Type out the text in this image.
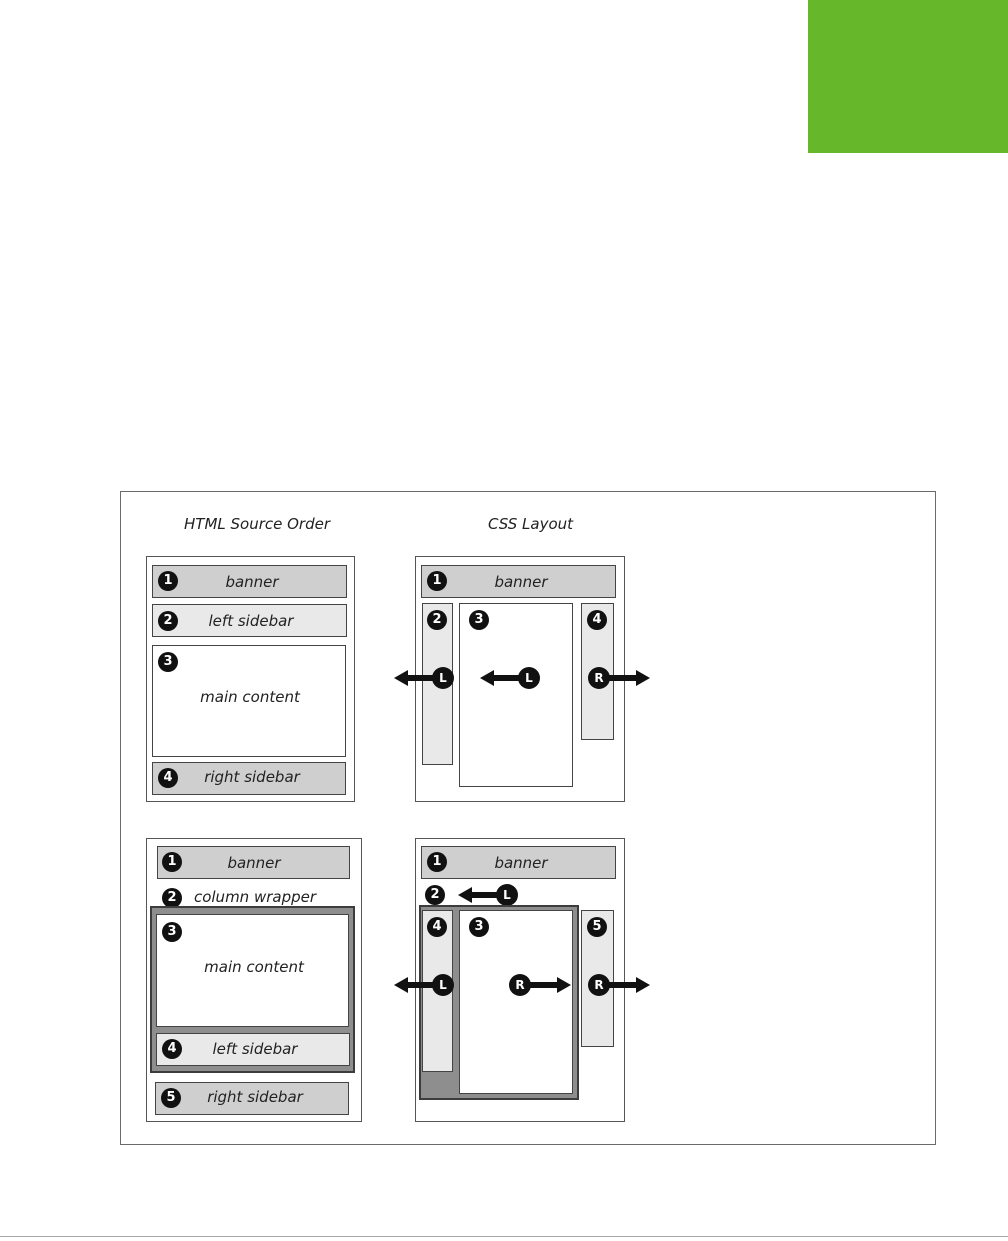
HTML Source Order	CSS Layout
1	banner
2	left sidebar
3
main content
4	right sidebar
1	banner
2	3	4
L	L	R
1	banner
2	column wrapper
3
main content
4	left sidebar
5	right sidebar
1	banner
2	L
4	3	5
L	R	R
